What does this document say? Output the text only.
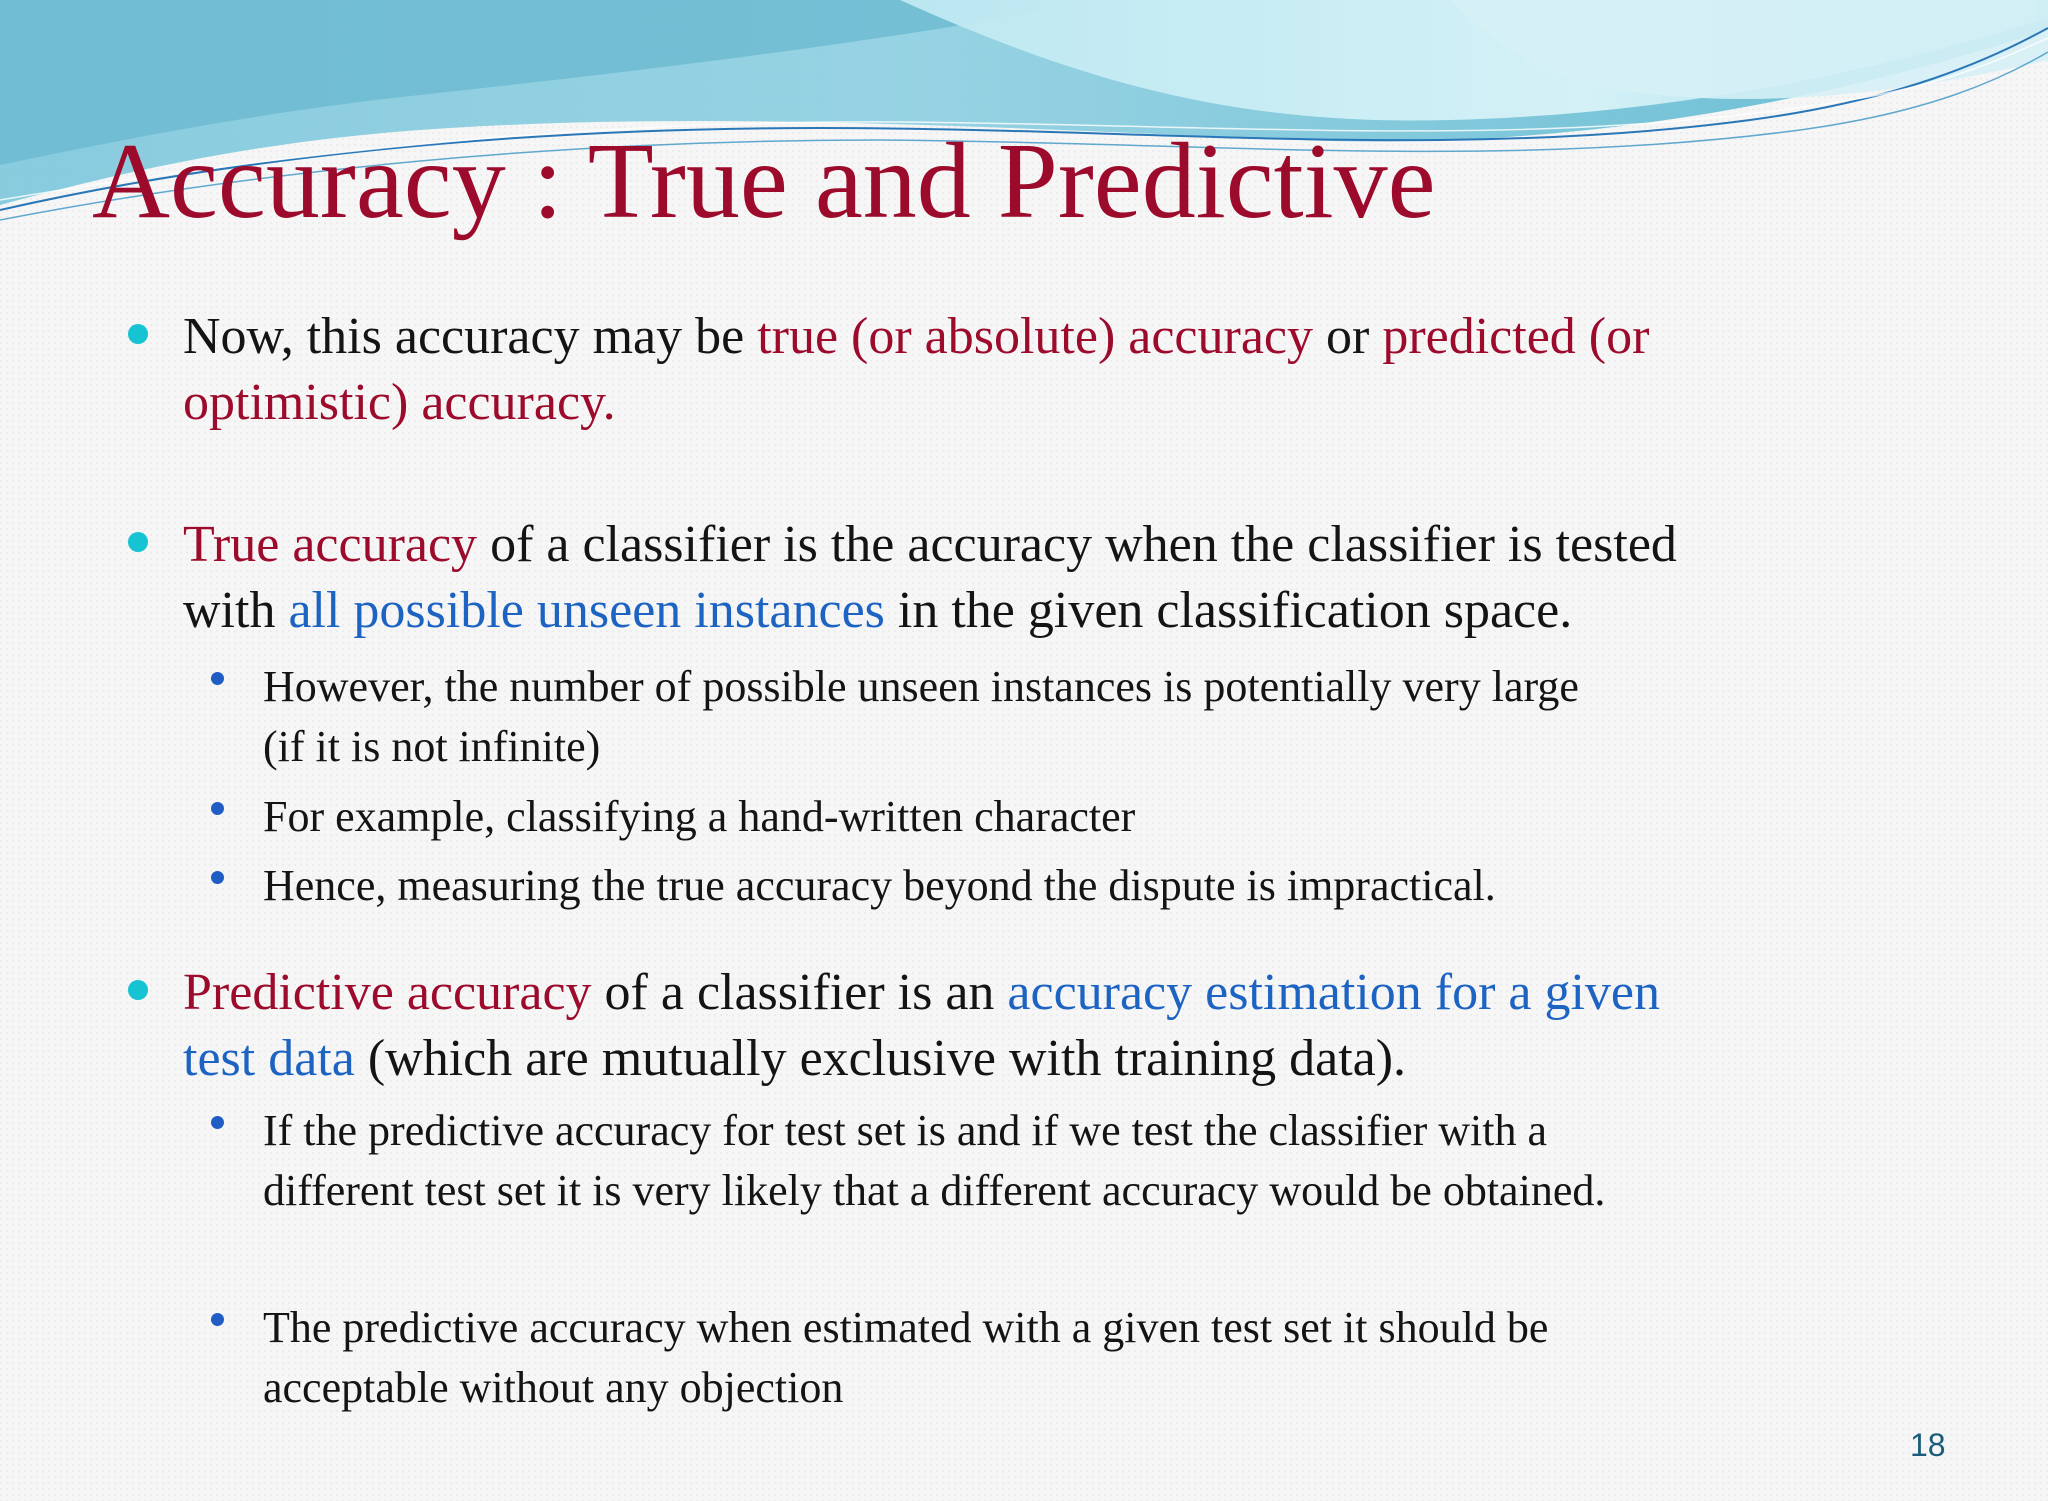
Accuracy : True and Predictive

Now, this accuracy may be true (or absolute) accuracy or predicted (or
optimistic) accuracy.

True accuracy of a classifier is the accuracy when the classifier is tested
with all possible unseen instances in the given classification space.

However, the number of possible unseen instances is potentially very large
(if it is not infinite)

For example, classifying a hand-written character

Hence, measuring the true accuracy beyond the dispute is impractical.

Predictive accuracy of a classifier is an accuracy estimation for a given
test data (which are mutually exclusive with training data).

If the predictive accuracy for test set is and if we test the classifier with a
different test set it is very likely that a different accuracy would be obtained.

The predictive accuracy when estimated with a given test set it should be
acceptable without any objection

18
